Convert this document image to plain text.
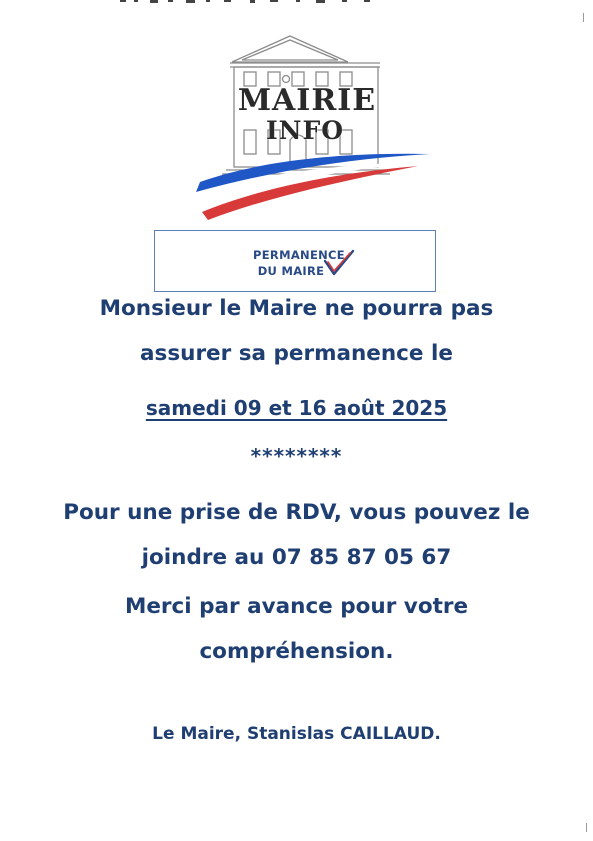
MAIRIE
INFO
PERMANENCE
DU MAIRE
Monsieur le Maire ne pourra pas
assurer sa permanence le
samedi 09 et 16 août 2025
********
Pour une prise de RDV, vous pouvez le
joindre au 07 85 87 05 67
Merci par avance pour votre
compréhension.
Le Maire, Stanislas CAILLAUD.
